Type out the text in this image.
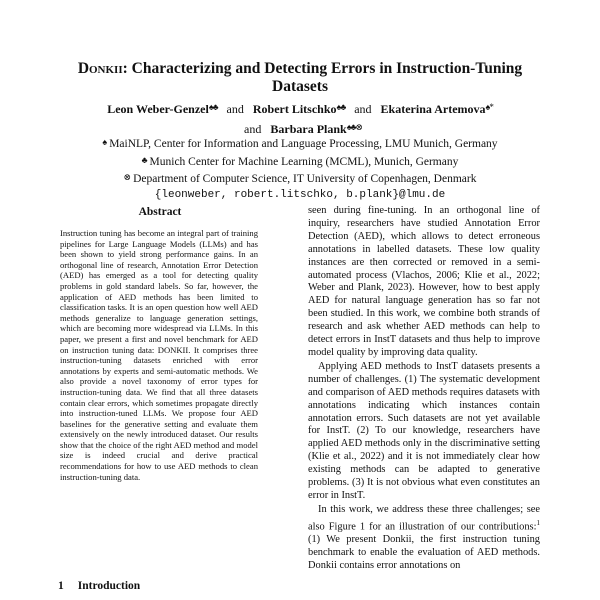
Donkii: Characterizing and Detecting Errors in Instruction-Tuning Datasets
Leon Weber-Genzel♠♣ and Robert Litschko♠♣ and Ekaterina Artemova♠*
and Barbara Plank♠♣⊗
♠ MaiNLP, Center for Information and Language Processing, LMU Munich, Germany
♣ Munich Center for Machine Learning (MCML), Munich, Germany
⊗ Department of Computer Science, IT University of Copenhagen, Denmark
{leonweber, robert.litschko, b.plank}@lmu.de
Abstract
Instruction tuning has become an integral part of training pipelines for Large Language Models (LLMs) and has been shown to yield strong performance gains. In an orthogonal line of research, Annotation Error Detection (AED) has emerged as a tool for detecting quality problems in gold standard labels. So far, however, the application of AED methods has been limited to classification tasks. It is an open question how well AED methods generalize to language generation settings, which are becoming more widespread via LLMs. In this paper, we present a first and novel benchmark for AED on instruction tuning data: DONKII. It comprises three instruction-tuning datasets enriched with error annotations by experts and semi-automatic methods. We also provide a novel taxonomy of error types for instruction-tuning data. We find that all three datasets contain clear errors, which sometimes propagate directly into instruction-tuned LLMs. We propose four AED baselines for the generative setting and evaluate them extensively on the newly introduced dataset. Our results show that the choice of the right AED method and model size is indeed crucial and derive practical recommendations for how to use AED methods to clean instruction-tuning data.
1 Introduction

seen during fine-tuning. In an orthogonal line of inquiry, researchers have studied Annotation Error Detection (AED), which allows to detect erroneous annotations in labelled datasets. These low quality instances are then corrected or removed in a semi-automated process (Vlachos, 2006; Klie et al., 2022; Weber and Plank, 2023). However, how to best apply AED for natural language generation has so far not been studied. In this work, we combine both strands of research and ask whether AED methods can help to detect errors in InstT datasets and thus help to improve model quality by improving data quality.

Applying AED methods to InstT datasets presents a number of challenges. (1) The systematic development and comparison of AED methods requires datasets with annotations indicating which instances contain annotation errors. Such datasets are not yet available for InstT. (2) To our knowledge, researchers have applied AED methods only in the discriminative setting (Klie et al., 2022) and it is not immediately clear how existing methods can be adapted to generative problems. (3) It is not obvious what even constitutes an error in InstT.

In this work, we address these three challenges; see also Figure 1 for an illustration of our contributions:$^1$ (1) We present Donkii, the first instruction tuning benchmark to enable the evaluation of AED methods. Donkii contains error annotations on
